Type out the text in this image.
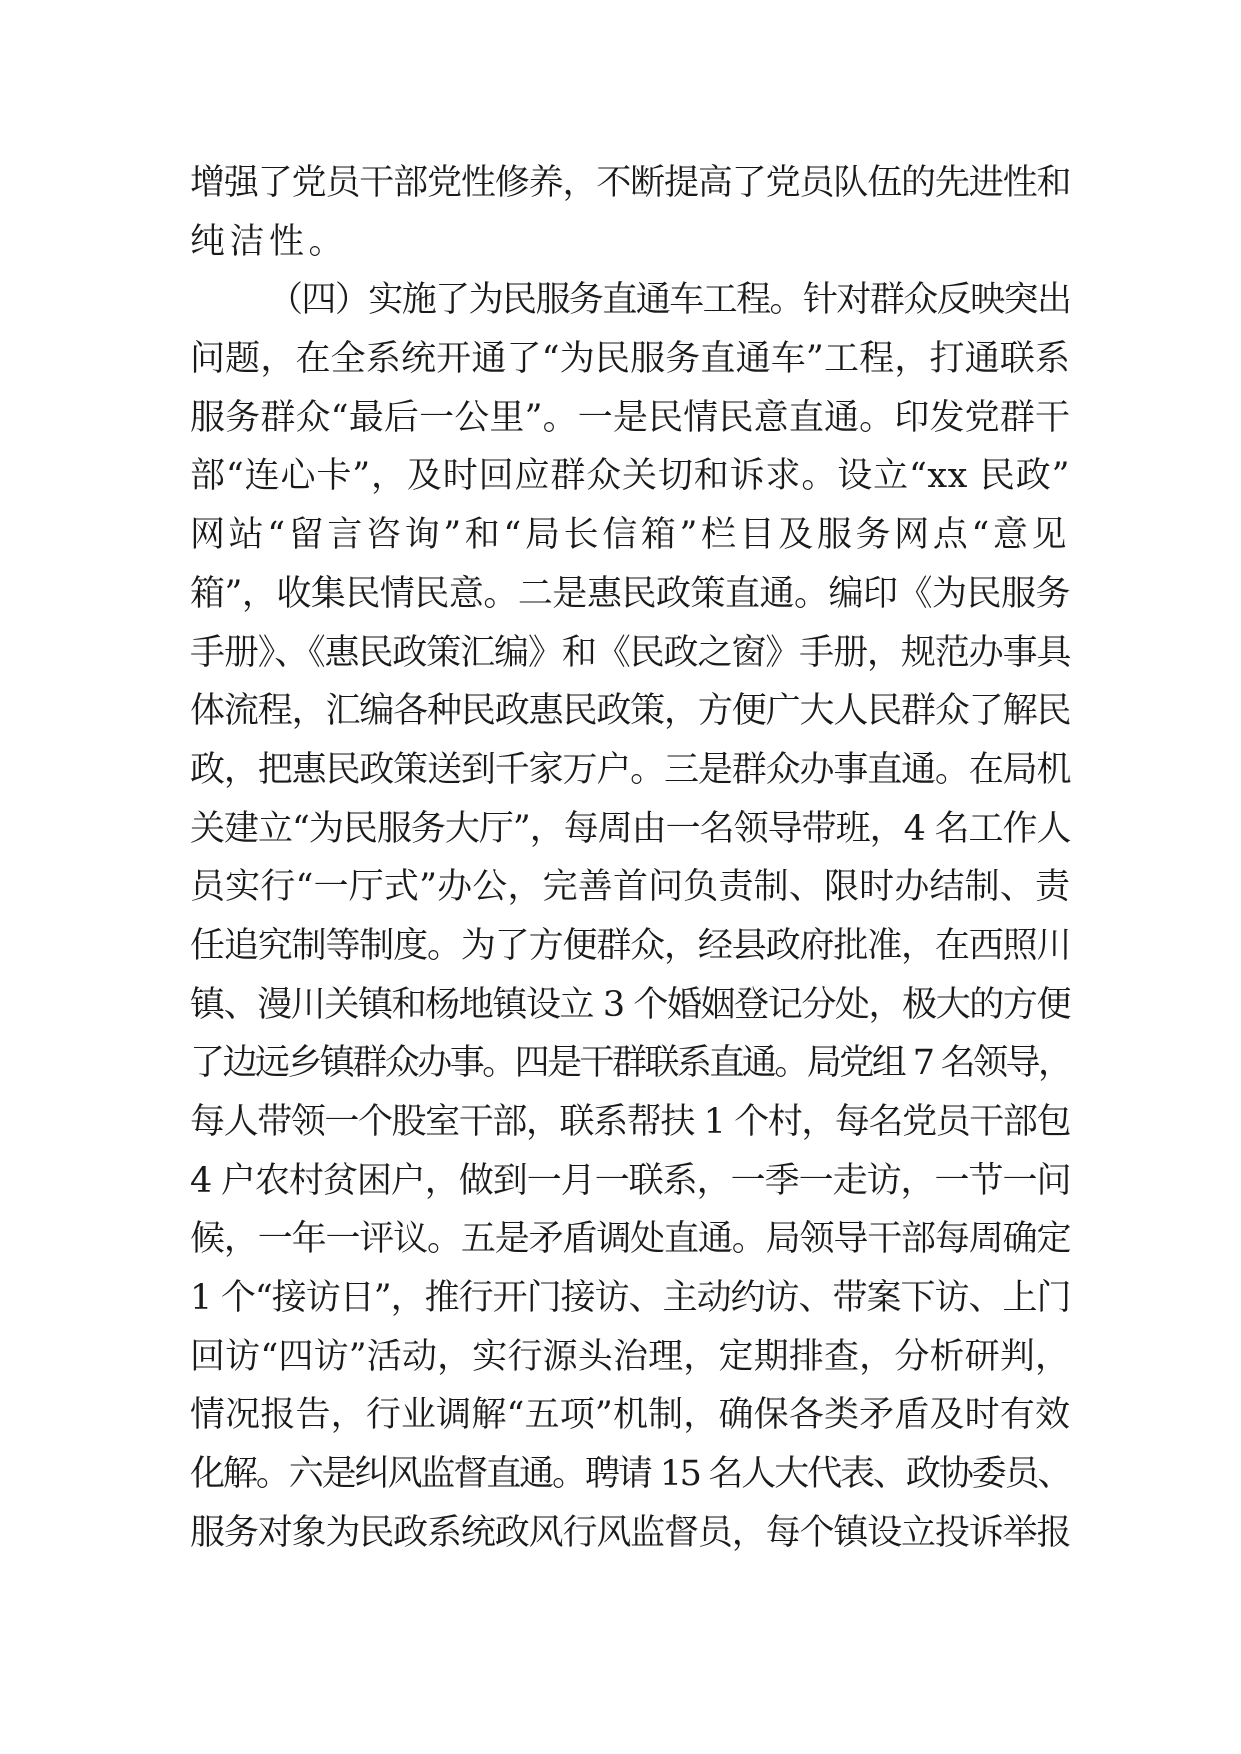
增强了党员干部党性修养，不断提高了党员队伍的先进性和
纯洁性。
（四）实施了为民服务直通车工程。针对群众反映突出
问题，在全系统开通了“为民服务直通车”工程，打通联系
服务群众“最后一公里”。一是民情民意直通。印发党群干
部“连心卡”，及时回应群众关切和诉求。设立“xx 民政”
网站“留言咨询”和“局长信箱”栏目及服务网点“意见
箱”，收集民情民意。二是惠民政策直通。编印《为民服务
手册》、《惠民政策汇编》和《民政之窗》手册，规范办事具
体流程，汇编各种民政惠民政策，方便广大人民群众了解民
政，把惠民政策送到千家万户。三是群众办事直通。在局机
关建立“为民服务大厅”，每周由一名领导带班，4 名工作人
员实行“一厅式”办公，完善首问负责制、限时办结制、责
任追究制等制度。为了方便群众，经县政府批准，在西照川
镇、漫川关镇和杨地镇设立 3 个婚姻登记分处，极大的方便
了边远乡镇群众办事。四是干群联系直通。局党组 7 名领导，
每人带领一个股室干部，联系帮扶 1 个村，每名党员干部包
4 户农村贫困户，做到一月一联系，一季一走访，一节一问
候，一年一评议。五是矛盾调处直通。局领导干部每周确定
1 个“接访日”，推行开门接访、主动约访、带案下访、上门
回访“四访”活动，实行源头治理，定期排查，分析研判，
情况报告，行业调解“五项”机制，确保各类矛盾及时有效
化解。六是纠风监督直通。聘请 15 名人大代表、政协委员、
服务对象为民政系统政风行风监督员，每个镇设立投诉举报
